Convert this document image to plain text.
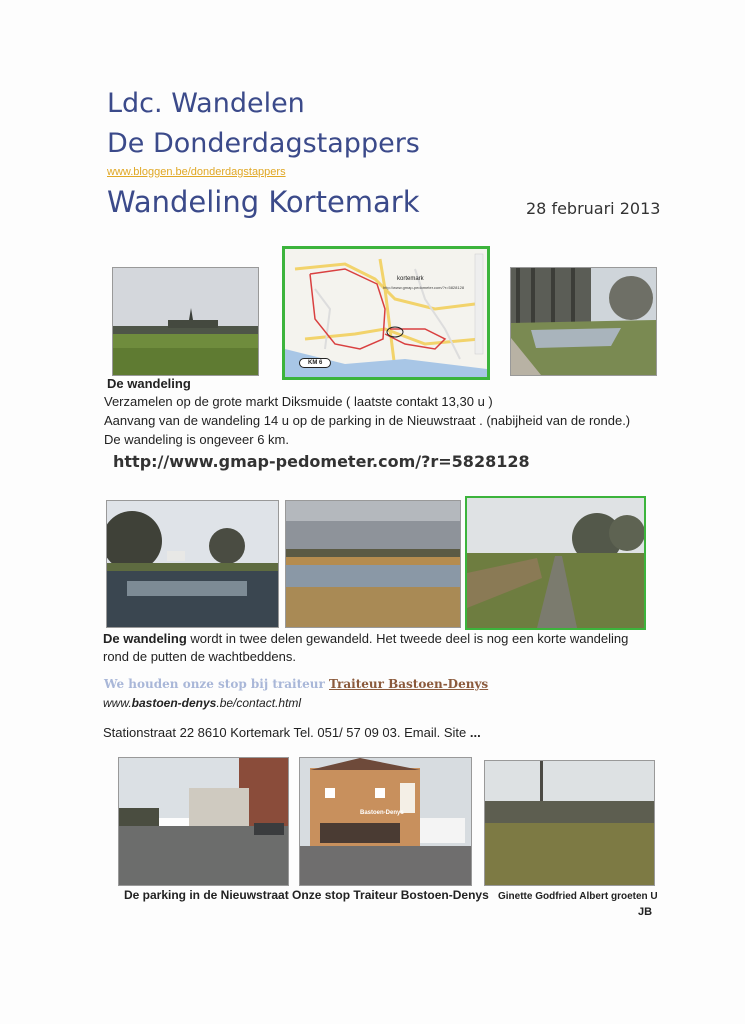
Ldc. Wandelen
De Donderdagstappers
www.bloggen.be/donderdagstappers
Wandeling Kortemark	28 februari 2013
kortemark
http://www.gmap-pedometer.com/?r=5828128
KM 6
De wandeling
Verzamelen op de grote markt Diksmuide ( laatste contakt 13,30 u )
Aanvang van de wandeling 14 u op de parking in de Nieuwstraat . (nabijheid van de ronde.)
De wandeling is ongeveer 6 km.
http://www.gmap-pedometer.com/?r=5828128
De wandeling wordt in twee delen gewandeld. Het tweede deel is nog een korte wandeling
rond de putten de wachtbeddens.
We houden onze stop bij traiteur Traiteur Bastoen-Denys
www.bastoen-denys.be/contact.html
Stationstraat 22 8610 Kortemark Tel. 051/ 57 09 03. Email. Site ...
Bastoen-Denys
De parking in de Nieuwstraat Onze stop Traiteur Bostoen-Denys Ginette Godfried Albert groeten U
JB
